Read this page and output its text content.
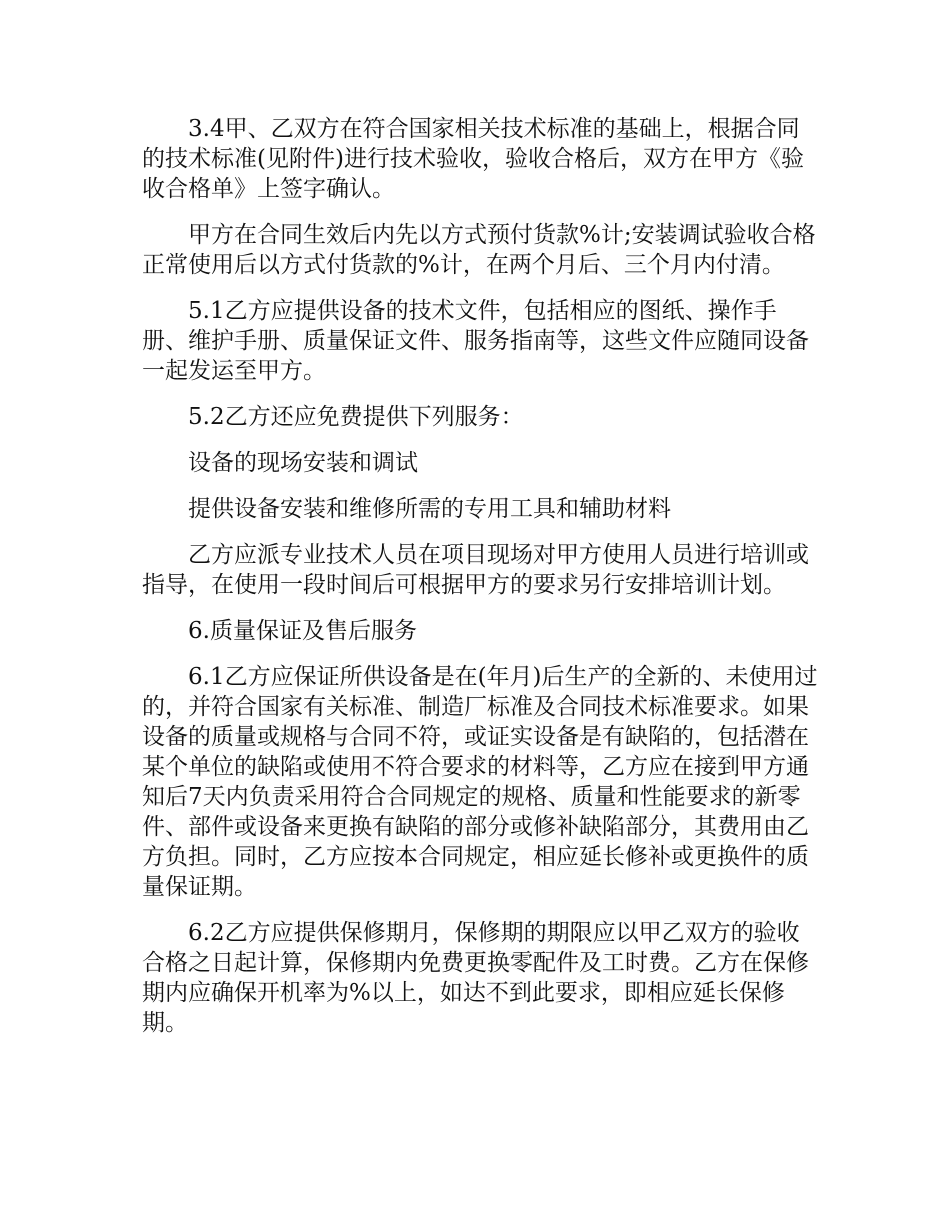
3.4甲、乙双方在符合国家相关技术标准的基础上，根据合同的技术标准(见附件)进行技术验收，验收合格后，双方在甲方《验收合格单》上签字确认。

甲方在合同生效后内先以方式预付货款%计;安装调试验收合格正常使用后以方式付货款的%计，在两个月后、三个月内付清。

5.1乙方应提供设备的技术文件，包括相应的图纸、操作手册、维护手册、质量保证文件、服务指南等，这些文件应随同设备一起发运至甲方。

5.2乙方还应免费提供下列服务：

设备的现场安装和调试

提供设备安装和维修所需的专用工具和辅助材料

乙方应派专业技术人员在项目现场对甲方使用人员进行培训或指导，在使用一段时间后可根据甲方的要求另行安排培训计划。

6.质量保证及售后服务

6.1乙方应保证所供设备是在(年月)后生产的全新的、未使用过的，并符合国家有关标准、制造厂标准及合同技术标准要求。如果设备的质量或规格与合同不符，或证实设备是有缺陷的，包括潜在某个单位的缺陷或使用不符合要求的材料等，乙方应在接到甲方通知后7天内负责采用符合合同规定的规格、质量和性能要求的新零件、部件或设备来更换有缺陷的部分或修补缺陷部分，其费用由乙方负担。同时，乙方应按本合同规定，相应延长修补或更换件的质量保证期。

6.2乙方应提供保修期月，保修期的期限应以甲乙双方的验收合格之日起计算，保修期内免费更换零配件及工时费。乙方在保修期内应确保开机率为%以上，如达不到此要求，即相应延长保修期。
